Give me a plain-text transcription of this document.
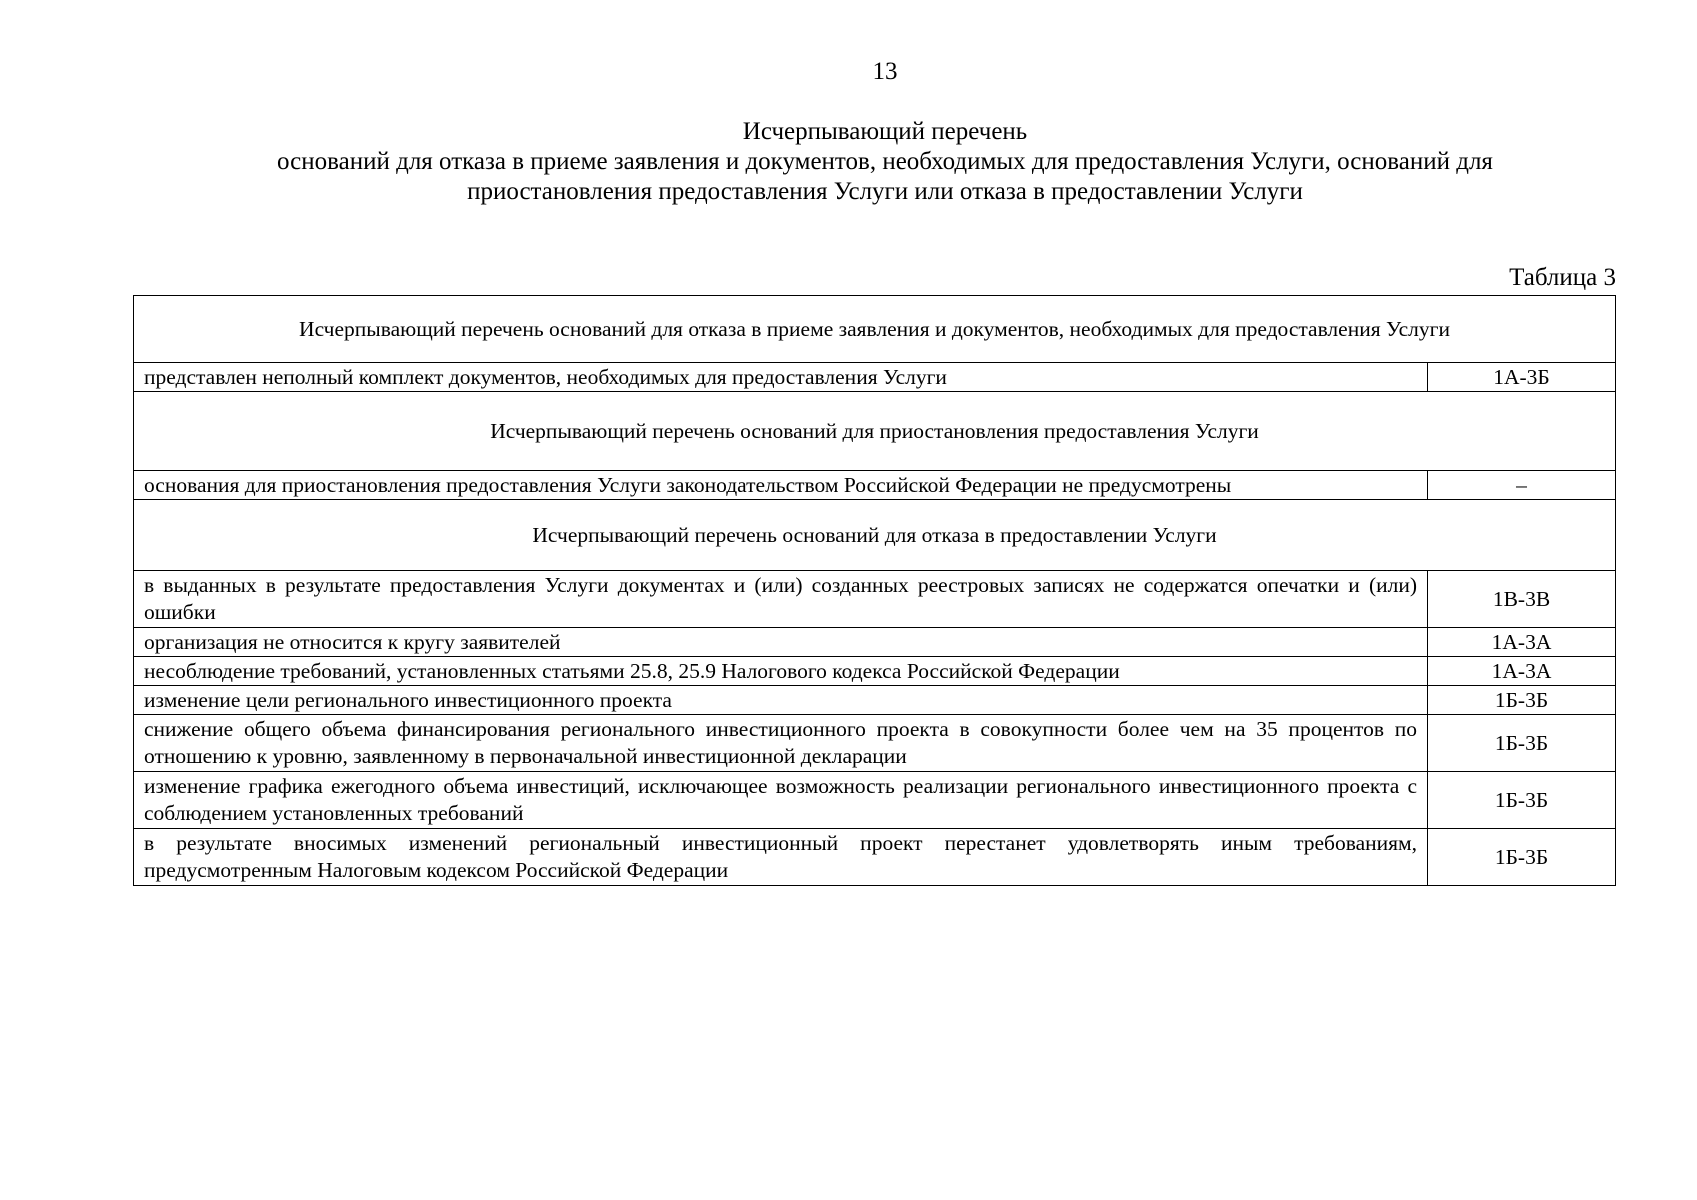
13
Исчерпывающий перечень
оснований для отказа в приеме заявления и документов, необходимых для предоставления Услуги, оснований для
приостановления предоставления Услуги или отказа в предоставлении Услуги
Таблица 3
Исчерпывающий перечень оснований для отказа в приеме заявления и документов, необходимых для предоставления Услуги	
представлен неполный комплект документов, необходимых для предоставления Услуги	1А-3Б
Исчерпывающий перечень оснований для приостановления предоставления Услуги	
основания для приостановления предоставления Услуги законодательством Российской Федерации не предусмотрены	–
Исчерпывающий перечень оснований для отказа в предоставлении Услуги	
в выданных в результате предоставления Услуги документах и (или) созданных реестровых записях не содержатся опечатки и (или) ошибки	1В-3В
организация не относится к кругу заявителей	1А-3А
несоблюдение требований, установленных статьями 25.8, 25.9 Налогового кодекса Российской Федерации	1А-3А
изменение цели регионального инвестиционного проекта	1Б-3Б
снижение общего объема финансирования регионального инвестиционного проекта в совокупности более чем на 35 процентов по отношению к уровню, заявленному в первоначальной инвестиционной декларации	1Б-3Б
изменение графика ежегодного объема инвестиций, исключающее возможность реализации регионального инвестиционного проекта с соблюдением установленных требований	1Б-3Б
в результате вносимых изменений региональный инвестиционный проект перестанет удовлетворять иным требованиям, предусмотренным Налоговым кодексом Российской Федерации	1Б-3Б
